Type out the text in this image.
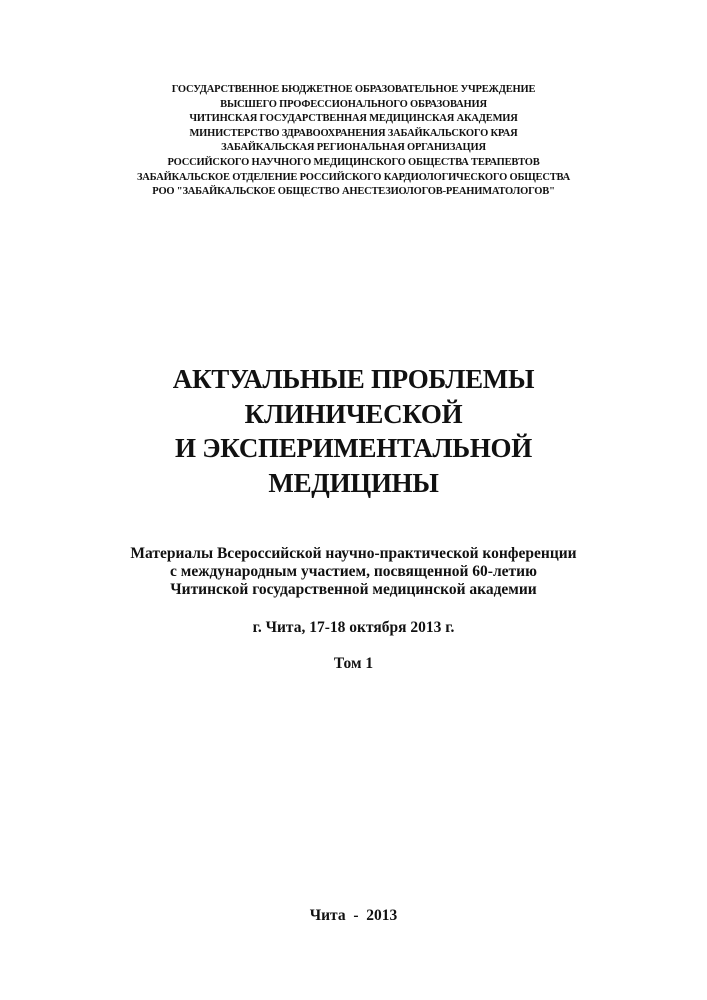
ГОСУДАРСТВЕННОЕ БЮДЖЕТНОЕ ОБРАЗОВАТЕЛЬНОЕ УЧРЕЖДЕНИЕ
ВЫСШЕГО ПРОФЕССИОНАЛЬНОГО ОБРАЗОВАНИЯ
ЧИТИНСКАЯ ГОСУДАРСТВЕННАЯ МЕДИЦИНСКАЯ АКАДЕМИЯ
МИНИСТЕРСТВО ЗДРАВООХРАНЕНИЯ ЗАБАЙКАЛЬСКОГО КРАЯ
ЗАБАЙКАЛЬСКАЯ РЕГИОНАЛЬНАЯ ОРГАНИЗАЦИЯ
РОССИЙСКОГО НАУЧНОГО МЕДИЦИНСКОГО ОБЩЕСТВА ТЕРАПЕВТОВ
ЗАБАЙКАЛЬСКОЕ ОТДЕЛЕНИЕ РОССИЙСКОГО КАРДИОЛОГИЧЕСКОГО ОБЩЕСТВА
РОО "ЗАБАЙКАЛЬСКОЕ ОБЩЕСТВО АНЕСТЕЗИОЛОГОВ-РЕАНИМАТОЛОГОВ"
АКТУАЛЬНЫЕ ПРОБЛЕМЫ
КЛИНИЧЕСКОЙ
И ЭКСПЕРИМЕНТАЛЬНОЙ
МЕДИЦИНЫ
Материалы Всероссийской научно-практической конференции
с международным участием, посвященной 60-летию
Читинской государственной медицинской академии
г. Чита, 17-18 октября 2013 г.
Том 1
Чита  -  2013
